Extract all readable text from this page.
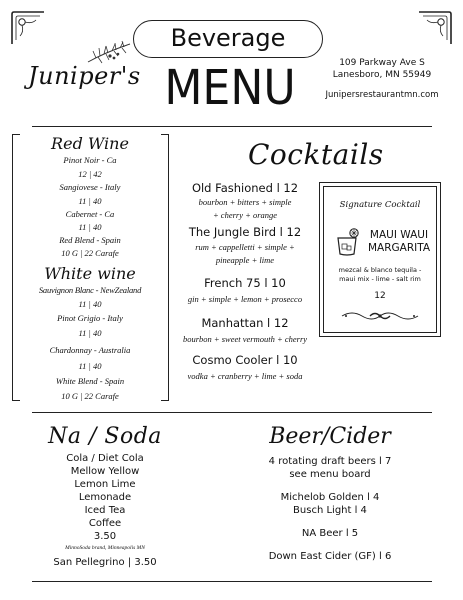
Juniper's
Beverage
MENU	109 Parkway Ave S
Lanesboro, MN 55949
Junipersrestaurantmn.com
Red Wine
Pinot Noir - Ca
12 | 42
Sangiovese - Italy
11 | 40
Cabernet - Ca
11 | 40
Red Blend - Spain
10 G | 22 Carafe
White wine
Sauvignon Blanc - NewZealand
11 | 40
Pinot Grigio - Italy
11 | 40
Chardonnay - Australia
11 | 40
White Blend - Spain
10 G | 22 Carafe
Cocktails
Old Fashioned l 12
bourbon + bitters + simple
+ cherry + orange
The Jungle Bird l 12
rum + cappelletti + simple +
pineapple + lime
French 75 l 10
gin + simple + lemon + prosecco
Manhattan l 12
bourbon + sweet vermouth + cherry
Cosmo Cooler l 10
vodka + cranberry + lime + soda
Signature Cocktail
MAUI WAUI
MARGARITA
mezcal & blanco tequila -
maui mix - lime - salt rim
12
Na / Soda
Cola / Diet Cola
Mellow Yellow
Lemon Lime
Lemonade
Iced Tea
Coffee
3.50
MinnoSoda brand, Minneapolis MN
San Pellegrino | 3.50
Beer/Cider
4 rotating draft beers l 7
see menu board
Michelob Golden l 4
Busch Light l 4
NA Beer l 5
Down East Cider (GF) l 6
